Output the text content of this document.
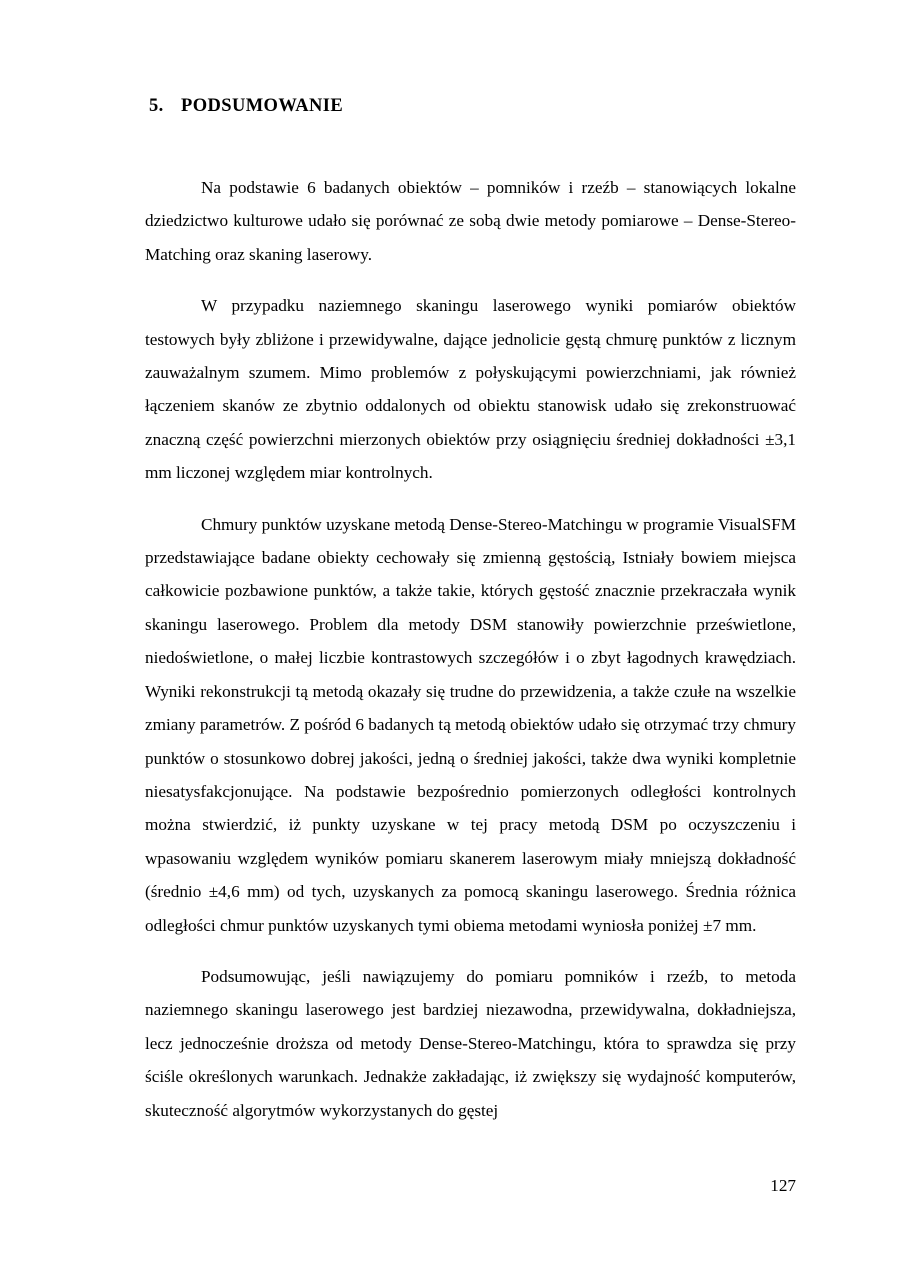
5. PODSUMOWANIE

Na podstawie 6 badanych obiektów – pomników i rzeźb – stanowiących lokalne dziedzictwo kulturowe udało się porównać ze sobą dwie metody pomiarowe – Dense-Stereo-Matching oraz skaning laserowy.

W przypadku naziemnego skaningu laserowego wyniki pomiarów obiektów testowych były zbliżone i przewidywalne, dające jednolicie gęstą chmurę punktów z licznym zauważalnym szumem. Mimo problemów z połyskującymi powierzchniami, jak również łączeniem skanów ze zbytnio oddalonych od obiektu stanowisk udało się zrekonstruować znaczną część powierzchni mierzonych obiektów przy osiągnięciu średniej dokładności ±3,1 mm liczonej względem miar kontrolnych.

Chmury punktów uzyskane metodą Dense-Stereo-Matchingu w programie VisualSFM przedstawiające badane obiekty cechowały się zmienną gęstością, Istniały bowiem miejsca całkowicie pozbawione punktów, a także takie, których gęstość znacznie przekraczała wynik skaningu laserowego. Problem dla metody DSM stanowiły powierzchnie prześwietlone, niedoświetlone, o małej liczbie kontrastowych szczegółów i o zbyt łagodnych krawędziach. Wyniki rekonstrukcji tą metodą okazały się trudne do przewidzenia, a także czułe na wszelkie zmiany parametrów. Z pośród 6 badanych tą metodą obiektów udało się otrzymać trzy chmury punktów o stosunkowo dobrej jakości, jedną o średniej jakości, także dwa wyniki kompletnie niesatysfakcjonujące. Na podstawie bezpośrednio pomierzonych odległości kontrolnych można stwierdzić, iż punkty uzyskane w tej pracy metodą DSM po oczyszczeniu i wpasowaniu względem wyników pomiaru skanerem laserowym miały mniejszą dokładność (średnio ±4,6 mm) od tych, uzyskanych za pomocą skaningu laserowego. Średnia różnica odległości chmur punktów uzyskanych tymi obiema metodami wyniosła poniżej ±7 mm.

Podsumowując, jeśli nawiązujemy do pomiaru pomników i rzeźb, to metoda naziemnego skaningu laserowego jest bardziej niezawodna, przewidywalna, dokładniejsza, lecz jednocześnie droższa od metody Dense-Stereo-Matchingu, która to sprawdza się przy ściśle określonych warunkach. Jednakże zakładając, iż zwiększy się wydajność komputerów, skuteczność algorytmów wykorzystanych do gęstej

127
